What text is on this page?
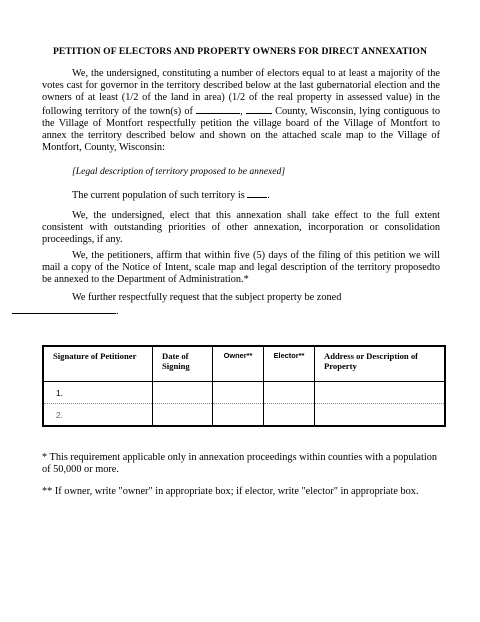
PETITION OF ELECTORS AND PROPERTY OWNERS FOR DIRECT ANNEXATION
We, the undersigned, constituting a number of electors equal to at least a majority of the votes cast for governor in the territory described below at the last gubernatorial election and the owners of at least (1/2 of the land in area) (1/2 of the real property in assessed value) in the following territory of the town(s) of	,	County, Wisconsin, lying contiguous to the Village of Montfort respectfully petition the village board of the Village of Montfort to annex the territory described below and shown on the attached scale map to the Village of Montfort, County, Wisconsin:
[Legal description of territory proposed to be annexed]
The current population of such territory is .
We, the undersigned, elect that this annexation shall take effect to the full extent consistent with outstanding priorities of other annexation, incorporation or consolidation proceedings, if any.
We, the petitioners, affirm that within five (5) days of the filing of this petition we will mail a copy of the Notice of Intent, scale map and legal description of the territory proposedto be annexed to the Department of Administration.*
We further respectfully request that the subject property be zoned
.
Signature of Petitioner	Date of Signing	Owner**	Elector**	Address or Description of Property
1.				
2.				
* This requirement applicable only in annexation proceedings within counties with a population of 50,000 or more.
** If owner, write "owner" in appropriate box; if elector, write "elector" in appropriate box.
